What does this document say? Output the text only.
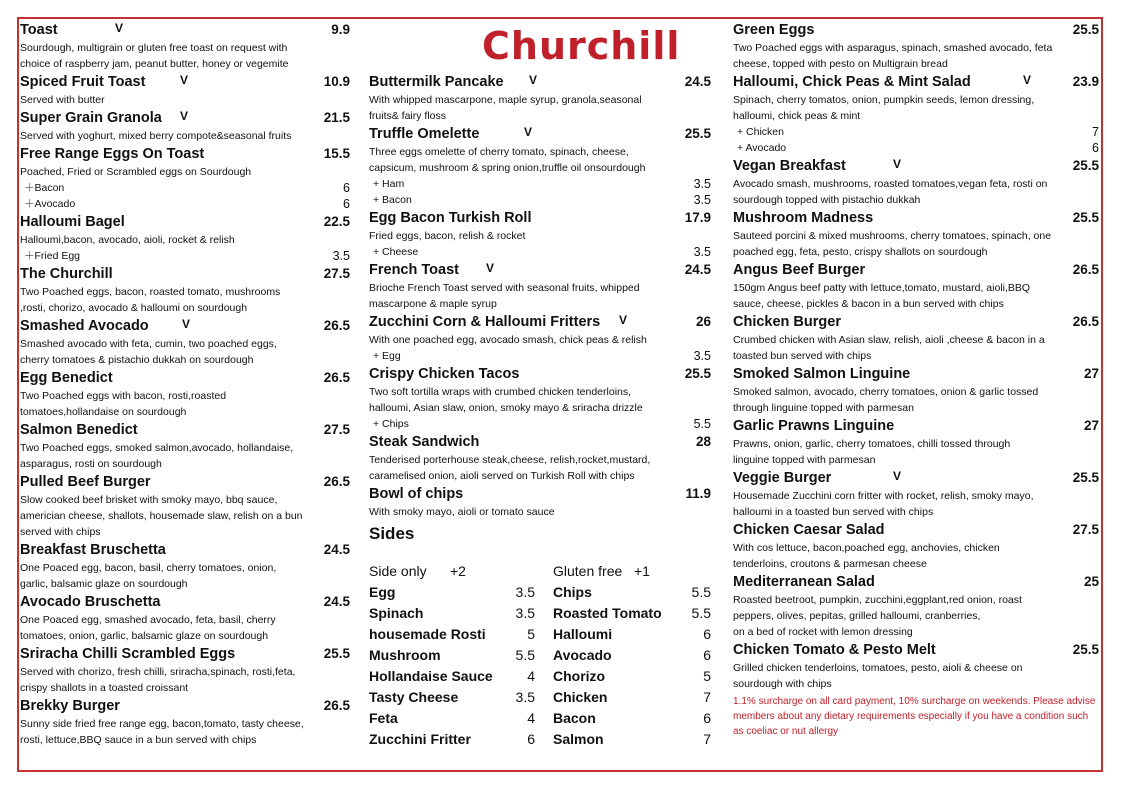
Churchill
Toast	V	9.9
Sourdough, multigrain or gluten free toast on request with
choice of raspberry jam, peanut butter, honey or vegemite
Spiced Fruit Toast	V	10.9
Served with butter
Super Grain Granola	V	21.5
Served with yoghurt, mixed berry compote&seasonal fruits
Free Range Eggs On Toast	15.5
Poached, Fried or Scrambled eggs on Sourdough
＋Bacon	6
＋Avocado	6
Halloumi Bagel	22.5
Halloumi,bacon, avocado, aioli, rocket & relish
＋Fried Egg	3.5
The Churchill	27.5
Two Poached eggs, bacon, roasted tomato, mushrooms
,rosti, chorizo, avocado & halloumi on sourdough
Smashed Avocado	V	26.5
Smashed avocado with feta, cumin, two poached eggs,
cherry tomatoes & pistachio dukkah on sourdough
Egg Benedict	26.5
Two Poached eggs with bacon, rosti,roasted
tomatoes,hollandaise on sourdough
Salmon Benedict	27.5
Two Poached eggs, smoked salmon,avocado, hollandaise,
asparagus, rosti on sourdough
Pulled Beef Burger	26.5
Slow cooked beef brisket with smoky mayo, bbq sauce,
americian cheese, shallots, housemade slaw, relish on a bun
served with chips
Breakfast Bruschetta	24.5
One Poaced egg, bacon, basil, cherry tomatoes, onion,
garlic, balsamic glaze on sourdough
Avocado Bruschetta	24.5
One Poaced egg, smashed avocado, feta, basil, cherry
tomatoes, onion, garlic, balsamic glaze on sourdough
Sriracha Chilli Scrambled Eggs	25.5
Served with chorizo, fresh chilli, sriracha,spinach, rosti,feta,
crispy shallots in a toasted croissant
Brekky Burger	26.5
Sunny side fried free range egg, bacon,tomato, tasty cheese,
rosti, lettuce,BBQ sauce in a bun served with chips
Buttermilk Pancake	V	24.5
With whipped mascarpone, maple syrup, granola,seasonal
fruits& fairy floss
Truffle Omelette	V	25.5
Three eggs omelette of cherry tomato, spinach, cheese,
capsicum, mushroom & spring onion,truffle oil onsourdough
+ Ham	3.5
+ Bacon	3.5
Egg Bacon Turkish Roll	17.9
Fried eggs, bacon, relish & rocket
+ Cheese	3.5
French Toast	V	24.5
Brioche French Toast served with seasonal fruits, whipped
mascarpone & maple syrup
Zucchini Corn & Halloumi Fritters	V	26
With one poached egg, avocado smash, chick peas & relish
+ Egg	3.5
Crispy Chicken Tacos	25.5
Two soft tortilla wraps with crumbed chicken tenderloins,
halloumi, Asian slaw, onion, smoky mayo & sriracha drizzle
+ Chips	5.5
Steak Sandwich	28
Tenderised porterhouse steak,cheese, relish,rocket,mustard,
caramelised onion, aioli served on Turkish Roll with chips
Bowl of chips	11.9
With smoky mayo, aioli or tomato sauce
Sides
Green Eggs	25.5
Two Poached eggs with asparagus, spinach, smashed avocado, feta
cheese, topped with pesto on Multigrain bread
Halloumi, Chick Peas & Mint Salad	V	23.9
Spinach, cherry tomatos, onion, pumpkin seeds, lemon dressing,
halloumi, chick peas & mint
+ Chicken	7
+ Avocado	6
Vegan Breakfast	V	25.5
Avocado smash, mushrooms, roasted tomatoes,vegan feta, rosti on
sourdough topped with pistachio dukkah
Mushroom Madness	25.5
Sauteed porcini & mixed mushrooms, cherry tomatoes, spinach, one
poached egg, feta, pesto, crispy shallots on sourdough
Angus Beef Burger	26.5
150gm Angus beef patty with lettuce,tomato, mustard, aioli,BBQ
sauce, cheese, pickles & bacon in a bun served with chips
Chicken Burger	26.5
Crumbed chicken with Asian slaw, relish, aioli ,cheese & bacon in a
toasted bun served with chips
Smoked Salmon Linguine	27
Smoked salmon, avocado, cherry tomatoes, onion & garlic tossed
through linguine topped with parmesan
Garlic Prawns Linguine	27
Prawns, onion, garlic, cherry tomatoes, chilli tossed through
linguine topped with parmesan
Veggie Burger	V	25.5
Housemade Zucchini corn fritter with rocket, relish, smoky mayo,
halloumi in a toasted bun served with chips
Chicken Caesar Salad	27.5
With cos lettuce, bacon,poached egg, anchovies, chicken
tenderloins, croutons & parmesan cheese
Mediterranean Salad	25
Roasted beetroot, pumpkin, zucchini,eggplant,red onion, roast
peppers, olives, pepitas, grilled halloumi, cranberries,
on a bed of rocket with lemon dressing
Chicken Tomato & Pesto Melt	25.5
Grilled chicken tenderloins, tomatoes, pesto, aioli & cheese on
sourdough with chips
1.1% surcharge on all card payment, 10% surcharge on weekends. Please advise members about any dietary requirements especially if you have a condition such as coeliac or nut allergy
Side only +2
Egg	3.5
Spinach	3.5
housemade Rosti	5
Mushroom	5.5
Hollandaise Sauce 4
Tasty Cheese	3.5
Feta	4
Zucchini Fritter	6
Gluten free +1
Chips	5.5
Roasted Tomato 5.5
Halloumi	6
Avocado	6
Chorizo	5
Chicken	7
Bacon	6
Salmon	7
